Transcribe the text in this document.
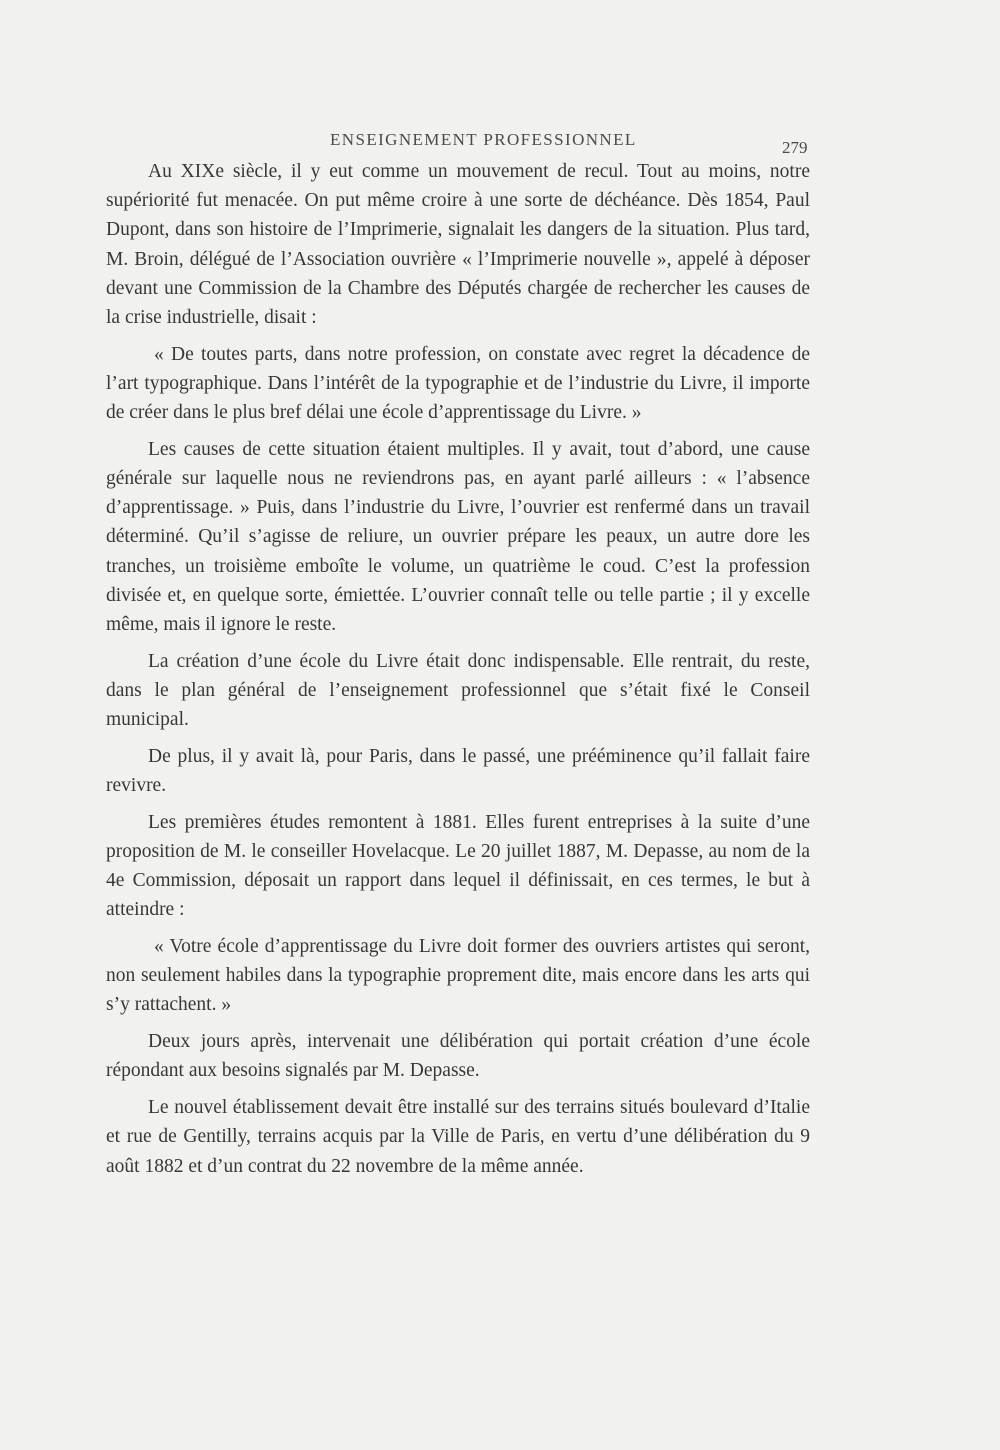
ENSEIGNEMENT PROFESSIONNEL	279

Au XIXe siècle, il y eut comme un mouvement de recul. Tout au moins, notre supériorité fut menacée. On put même croire à une sorte de déchéance. Dès 1854, Paul Dupont, dans son histoire de l’Imprimerie, signalait les dangers de la situation. Plus tard, M. Broin, délégué de l’Association ouvrière « l’Imprimerie nouvelle », appelé à déposer devant une Commission de la Chambre des Députés chargée de rechercher les causes de la crise industrielle, disait :

« De toutes parts, dans notre profession, on constate avec regret la décadence de l’art typographique. Dans l’intérêt de la typographie et de l’industrie du Livre, il importe de créer dans le plus bref délai une école d’apprentissage du Livre. »

Les causes de cette situation étaient multiples. Il y avait, tout d’abord, une cause générale sur laquelle nous ne reviendrons pas, en ayant parlé ailleurs : « l’absence d’apprentissage. » Puis, dans l’industrie du Livre, l’ouvrier est renfermé dans un travail déterminé. Qu’il s’agisse de reliure, un ouvrier prépare les peaux, un autre dore les tranches, un troisième emboîte le volume, un quatrième le coud. C’est la profession divisée et, en quelque sorte, émiettée. L’ouvrier connaît telle ou telle partie ; il y excelle même, mais il ignore le reste.

La création d’une école du Livre était donc indispensable. Elle rentrait, du reste, dans le plan général de l’enseignement professionnel que s’était fixé le Conseil municipal.

De plus, il y avait là, pour Paris, dans le passé, une prééminence qu’il fallait faire revivre.

Les premières études remontent à 1881. Elles furent entreprises à la suite d’une proposition de M. le conseiller Hovelacque. Le 20 juillet 1887, M. Depasse, au nom de la 4e Commission, déposait un rapport dans lequel il définissait, en ces termes, le but à atteindre :

« Votre école d’apprentissage du Livre doit former des ouvriers artistes qui seront, non seulement habiles dans la typographie proprement dite, mais encore dans les arts qui s’y rattachent. »

Deux jours après, intervenait une délibération qui portait création d’une école répondant aux besoins signalés par M. Depasse.

Le nouvel établissement devait être installé sur des terrains situés boulevard d’Italie et rue de Gentilly, terrains acquis par la Ville de Paris, en vertu d’une délibération du 9 août 1882 et d’un contrat du 22 novembre de la même année.
